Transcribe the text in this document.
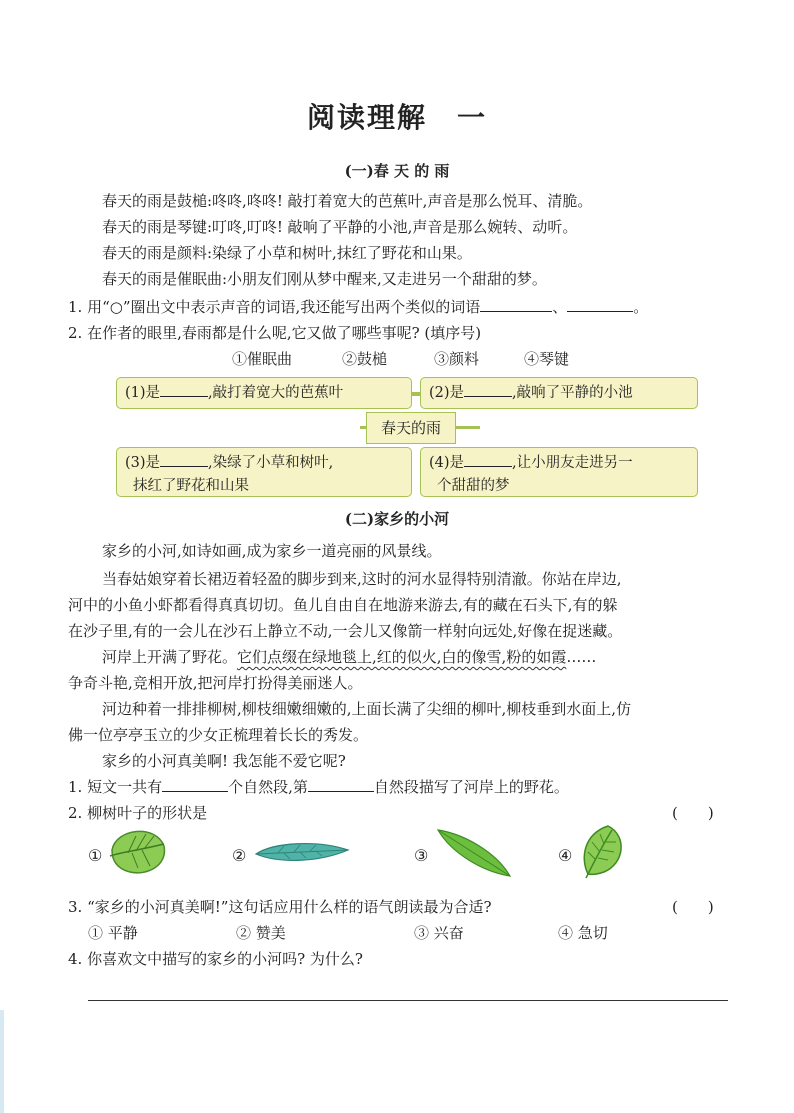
阅读理解　一
(一)春 天 的 雨
春天的雨是鼓槌:咚咚,咚咚! 敲打着宽大的芭蕉叶,声音是那么悦耳、清脆。
春天的雨是琴键:叮咚,叮咚! 敲响了平静的小池,声音是那么婉转、动听。
春天的雨是颜料:染绿了小草和树叶,抹红了野花和山果。
春天的雨是催眠曲:小朋友们刚从梦中醒来,又走进另一个甜甜的梦。
1. 用“○”圈出文中表示声音的词语,我还能写出两个类似的词语	、	。
2. 在作者的眼里,春雨都是什么呢,它又做了哪些事呢? (填序号)
①催眠曲	②鼓槌	③颜料	④琴键
(1)是	,敲打着宽大的芭蕉叶	(2)是	,敲响了平静的小池
春天的雨
(3)是	,染绿了小草和树叶,
抹红了野花和山果
(4)是	,让小朋友走进另一
个甜甜的梦
(二)家乡的小河
家乡的小河,如诗如画,成为家乡一道亮丽的风景线。
当春姑娘穿着长裙迈着轻盈的脚步到来,这时的河水显得特别清澈。你站在岸边,
河中的小鱼小虾都看得真真切切。鱼儿自由自在地游来游去,有的藏在石头下,有的躲
在沙子里,有的一会儿在沙石上静立不动,一会儿又像箭一样射向远处,好像在捉迷藏。
河岸上开满了野花。它们点缀在绿地毯上,红的似火,白的像雪,粉的如霞……
争奇斗艳,竞相开放,把河岸打扮得美丽迷人。
河边种着一排排柳树,柳枝细嫩细嫩的,上面长满了尖细的柳叶,柳枝垂到水面上,仿
佛一位亭亭玉立的少女正梳理着长长的秀发。
家乡的小河真美啊! 我怎能不爱它呢?
1. 短文一共有	个自然段,第	自然段描写了河岸上的野花。
2. 柳树叶子的形状是	(　　)
①	②	③	④
3. “家乡的小河真美啊!”这句话应用什么样的语气朗读最为合适?	(　　)
① 平静	② 赞美	③ 兴奋	④ 急切
4. 你喜欢文中描写的家乡的小河吗? 为什么?
